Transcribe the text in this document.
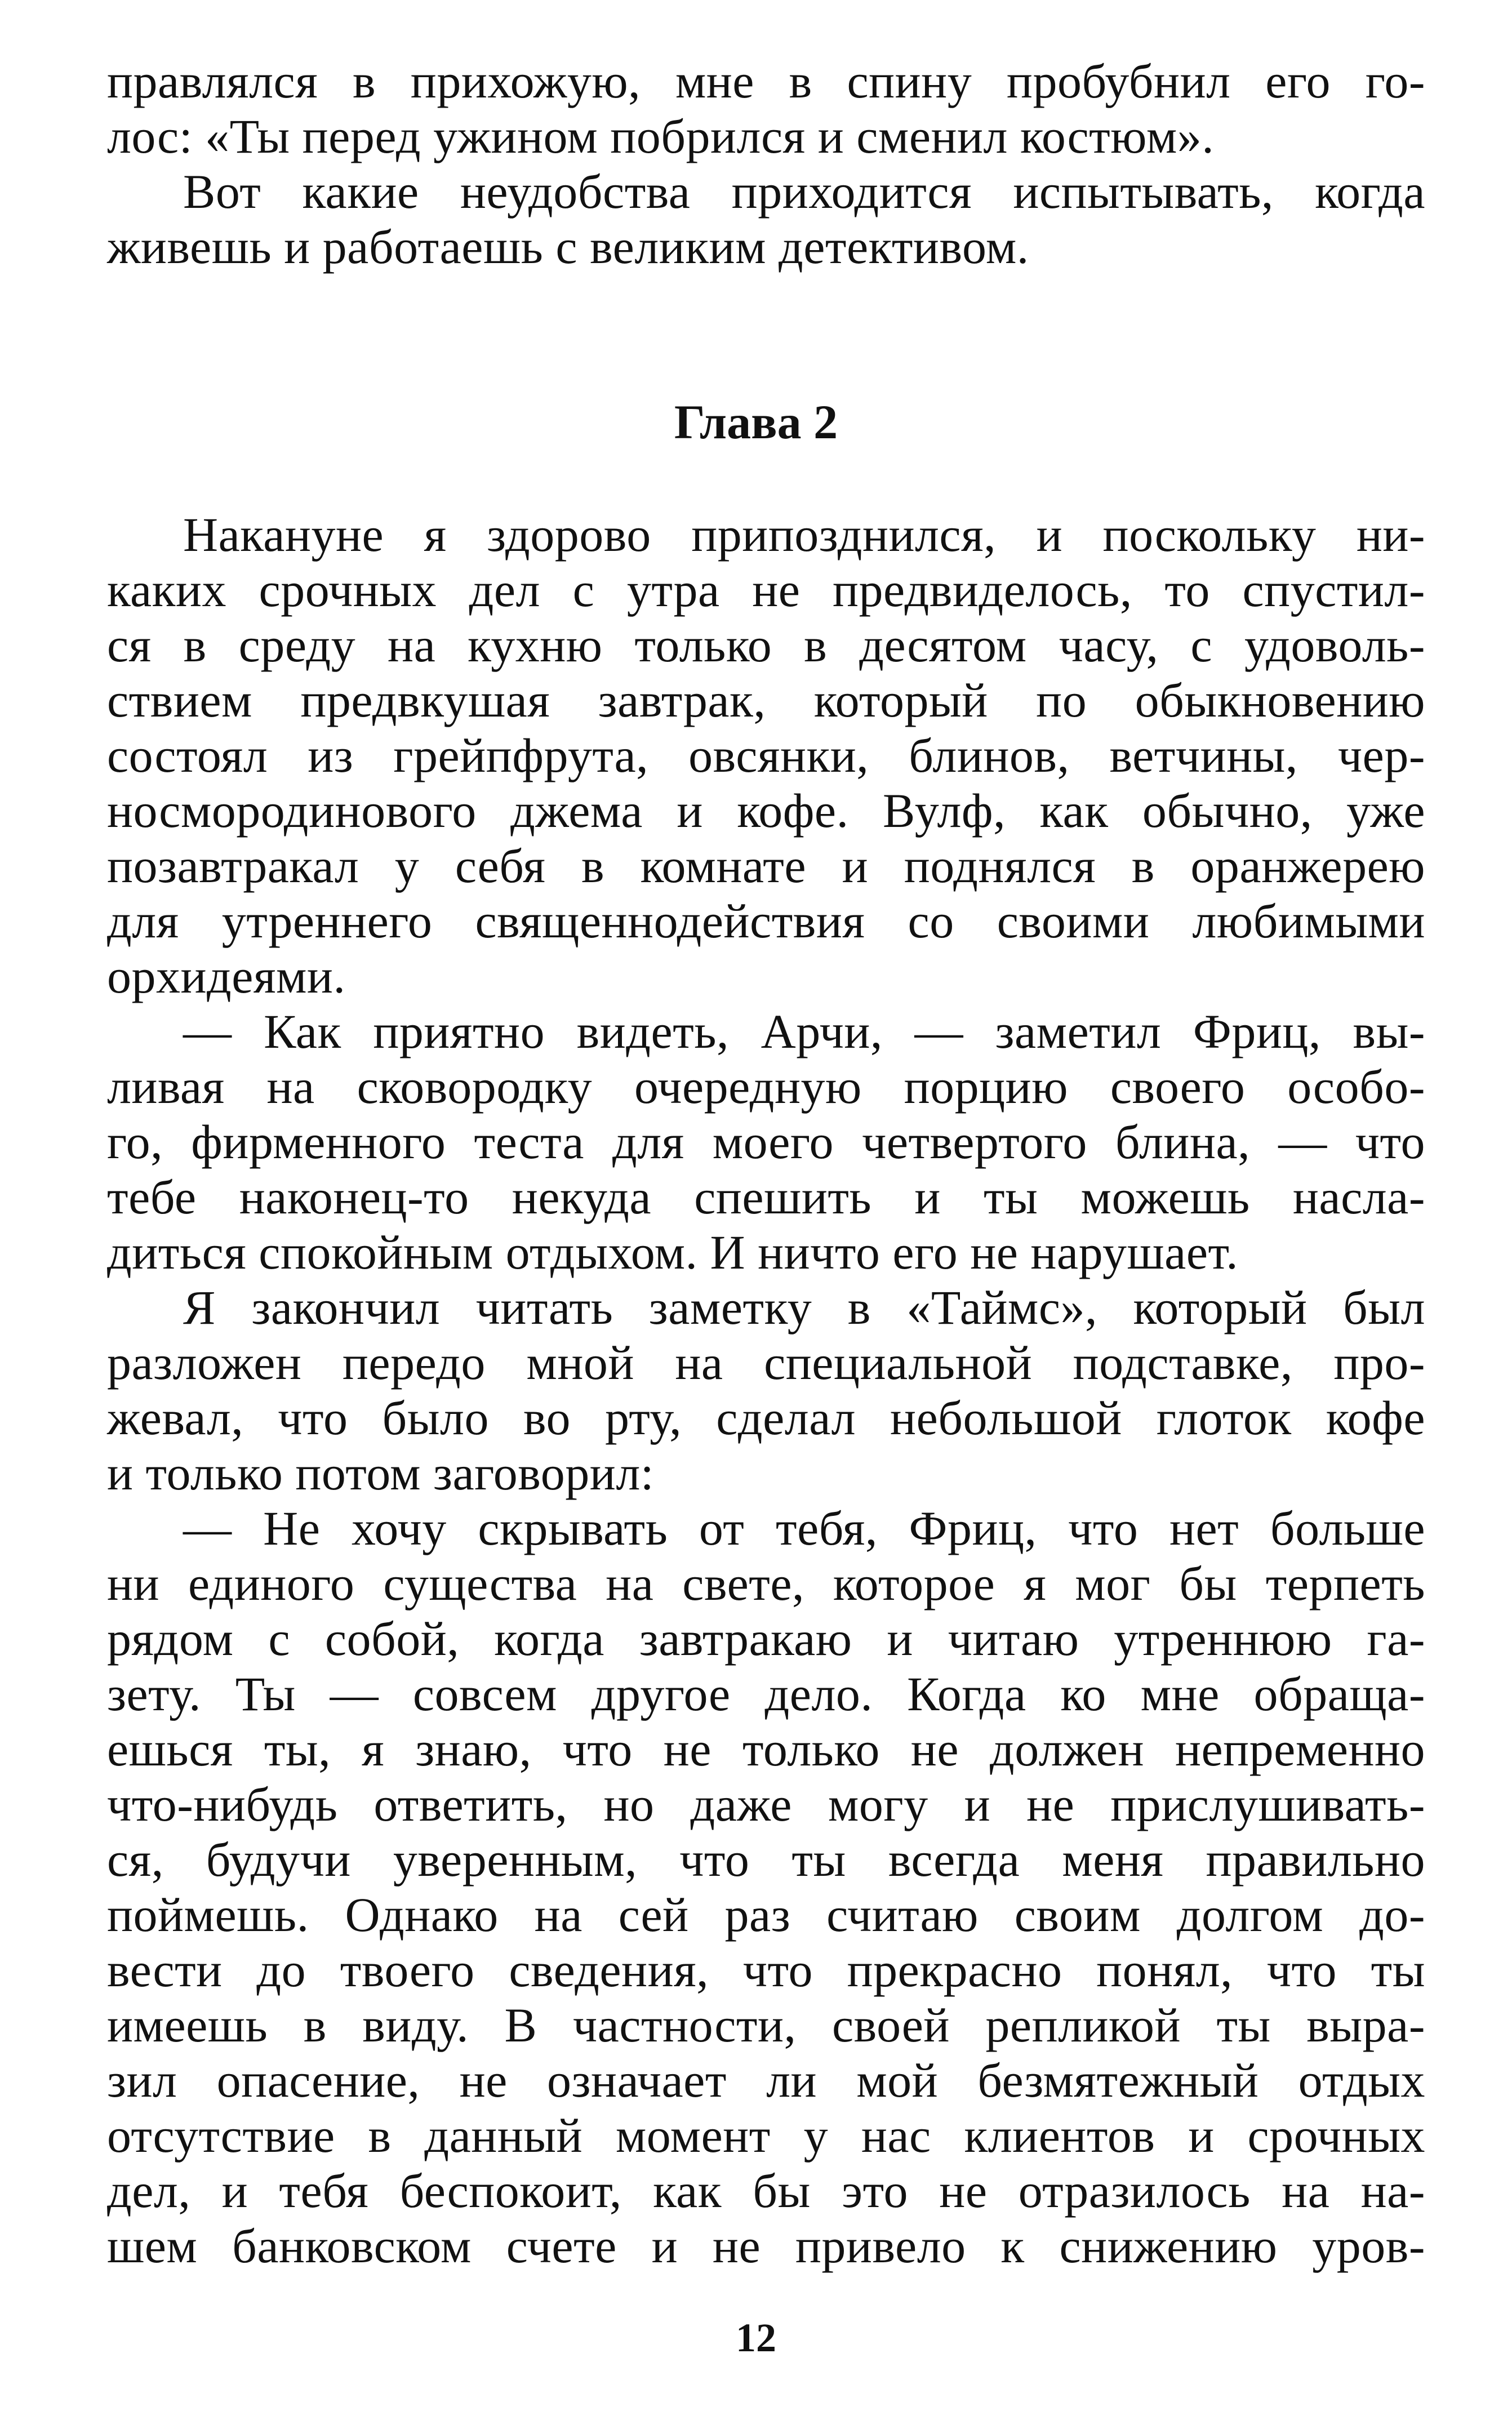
правлялся в прихожую, мне в спину пробубнил его го-
лос: «Ты перед ужином побрился и сменил костюм».
Вот какие неудобства приходится испытывать, когда
живешь и работаешь с великим детективом.
Глава 2
Накануне я здорово припозднился, и поскольку ни-
каких срочных дел с утра не предвиделось, то спустил-
ся в среду на кухню только в десятом часу, с удоволь-
ствием предвкушая завтрак, который по обыкновению
состоял из грейпфрута, овсянки, блинов, ветчины, чер-
носмородинового джема и кофе. Вулф, как обычно, уже
позавтракал у себя в комнате и поднялся в оранжерею
для утреннего священнодействия со своими любимыми
орхидеями.
— Как приятно видеть, Арчи, — заметил Фриц, вы-
ливая на сковородку очередную порцию своего особо-
го, фирменного теста для моего четвертого блина, — что
тебе наконец-то некуда спешить и ты можешь насла-
диться спокойным отдыхом. И ничто его не нарушает.
Я закончил читать заметку в «Таймс», который был
разложен передо мной на специальной подставке, про-
жевал, что было во рту, сделал небольшой глоток кофе
и только потом заговорил:
— Не хочу скрывать от тебя, Фриц, что нет больше
ни единого существа на свете, которое я мог бы терпеть
рядом с собой, когда завтракаю и читаю утреннюю га-
зету. Ты — совсем другое дело. Когда ко мне обраща-
ешься ты, я знаю, что не только не должен непременно
что-нибудь ответить, но даже могу и не прислушивать-
ся, будучи уверенным, что ты всегда меня правильно
поймешь. Однако на сей раз считаю своим долгом до-
вести до твоего сведения, что прекрасно понял, что ты
имеешь в виду. В частности, своей репликой ты выра-
зил опасение, не означает ли мой безмятежный отдых
отсутствие в данный момент у нас клиентов и срочных
дел, и тебя беспокоит, как бы это не отразилось на на-
шем банковском счете и не привело к снижению уров-
12
